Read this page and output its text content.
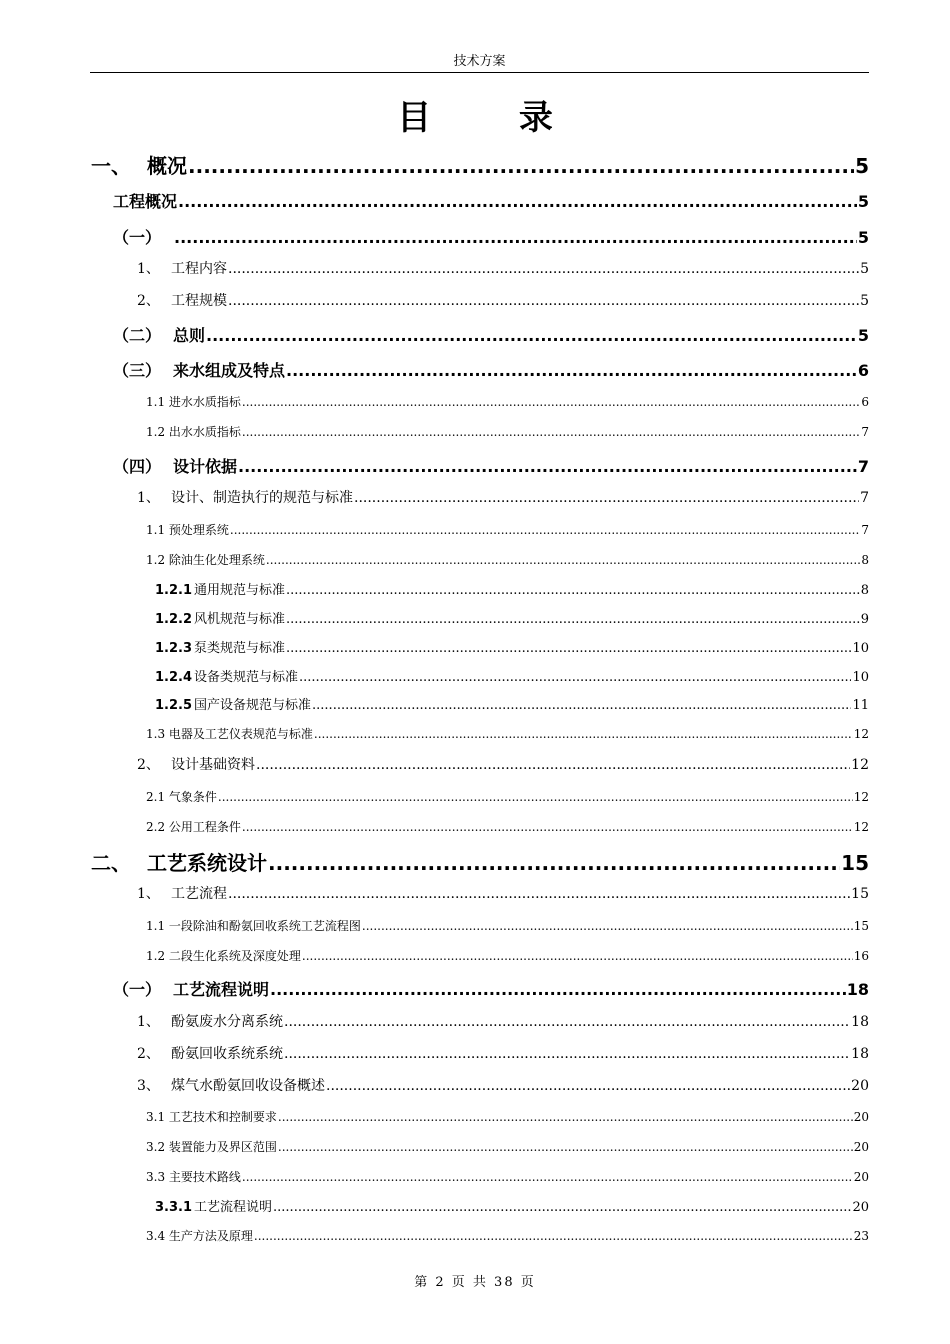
技术方案
目 录
一、 概况 .....	5
工程概况 .....	5
（一） .....	5
1、 工程内容 .....	5
2、 工程规模 .....	5
（二） 总则 .....	5
（三） 来水组成及特点 .....	6
1.1 进水水质指标 .....	6
1.2 出水水质指标 .....	7
（四） 设计依据 .....	7
1、 设计、制造执行的规范与标准 .....	7
1.1 预处理系统 .....	7
1.2 除油生化处理系统 .....	8
1.2.1 通用规范与标准 .....	8
1.2.2 风机规范与标准 .....	9
1.2.3 泵类规范与标准 .....	10
1.2.4 设备类规范与标准 .....	10
1.2.5 国产设备规范与标准 .....	11
1.3 电器及工艺仪表规范与标准 .....	12
2、 设计基础资料 .....	12
2.1 气象条件 .....	12
2.2 公用工程条件 .....	12
二、 工艺系统设计 .....	15
1、 工艺流程 .....	15
1.1 一段除油和酚氨回收系统工艺流程图 .....	15
1.2 二段生化系统及深度处理 .....	16
（一） 工艺流程说明 .....	18
1、 酚氨废水分离系统 .....	18
2、 酚氨回收系统系统 .....	18
3、 煤气水酚氨回收设备概述 .....	20
3.1 工艺技术和控制要求 .....	20
3.2 装置能力及界区范围 .....	20
3.3 主要技术路线 .....	20
3.3.1 工艺流程说明 .....	20
3.4 生产方法及原理 .....	23
第 2 页 共 38 页
